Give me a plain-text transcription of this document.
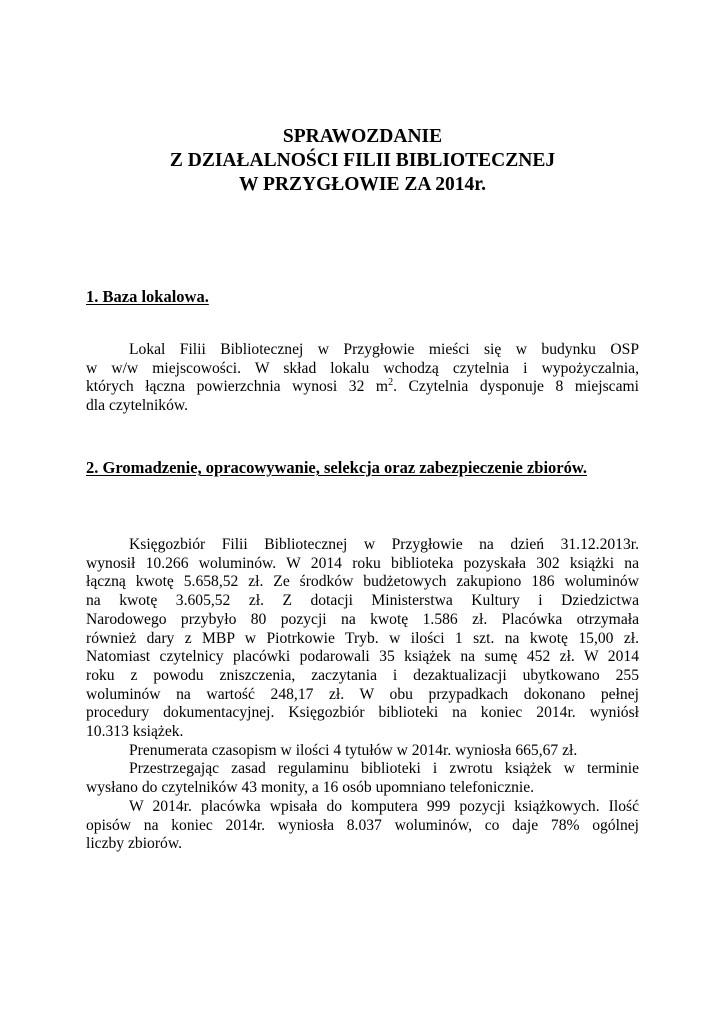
SPRAWOZDANIE
Z DZIAŁALNOŚCI FILII BIBLIOTECZNEJ
W PRZYGŁOWIE ZA 2014r.
1. Baza lokalowa.
Lokal Filii Bibliotecznej w Przygłowie mieści się w budynku OSP
w w/w miejscowości. W skład lokalu wchodzą czytelnia i wypożyczalnia,
których łączna powierzchnia wynosi 32 $m^2$. Czytelnia dysponuje 8 miejscami
dla czytelników.
2. Gromadzenie, opracowywanie, selekcja oraz zabezpieczenie zbiorów.
Księgozbiór Filii Bibliotecznej w Przygłowie na dzień 31.12.2013r.
wynosił 10.266 woluminów. W 2014 roku biblioteka pozyskała 302 książki na
łączną kwotę 5.658,52 zł. Ze środków budżetowych zakupiono 186 woluminów
na kwotę 3.605,52 zł. Z dotacji Ministerstwa Kultury i Dziedzictwa
Narodowego przybyło 80 pozycji na kwotę 1.586 zł. Placówka otrzymała
również dary z MBP w Piotrkowie Tryb. w ilości 1 szt. na kwotę 15,00 zł.
Natomiast czytelnicy placówki podarowali 35 książek na sumę 452 zł. W 2014
roku z powodu zniszczenia, zaczytania i dezaktualizacji ubytkowano 255
woluminów na wartość 248,17 zł. W obu przypadkach dokonano pełnej
procedury dokumentacyjnej. Księgozbiór biblioteki na koniec 2014r. wyniósł
10.313 książek.
Prenumerata czasopism w ilości 4 tytułów w 2014r. wyniosła 665,67 zł.
Przestrzegając zasad regulaminu biblioteki i zwrotu książek w terminie
wysłano do czytelników 43 monity, a 16 osób upomniano telefonicznie.
W 2014r. placówka wpisała do komputera 999 pozycji książkowych. Ilość
opisów na koniec 2014r. wyniosła 8.037 woluminów, co daje 78% ogólnej
liczby zbiorów.
